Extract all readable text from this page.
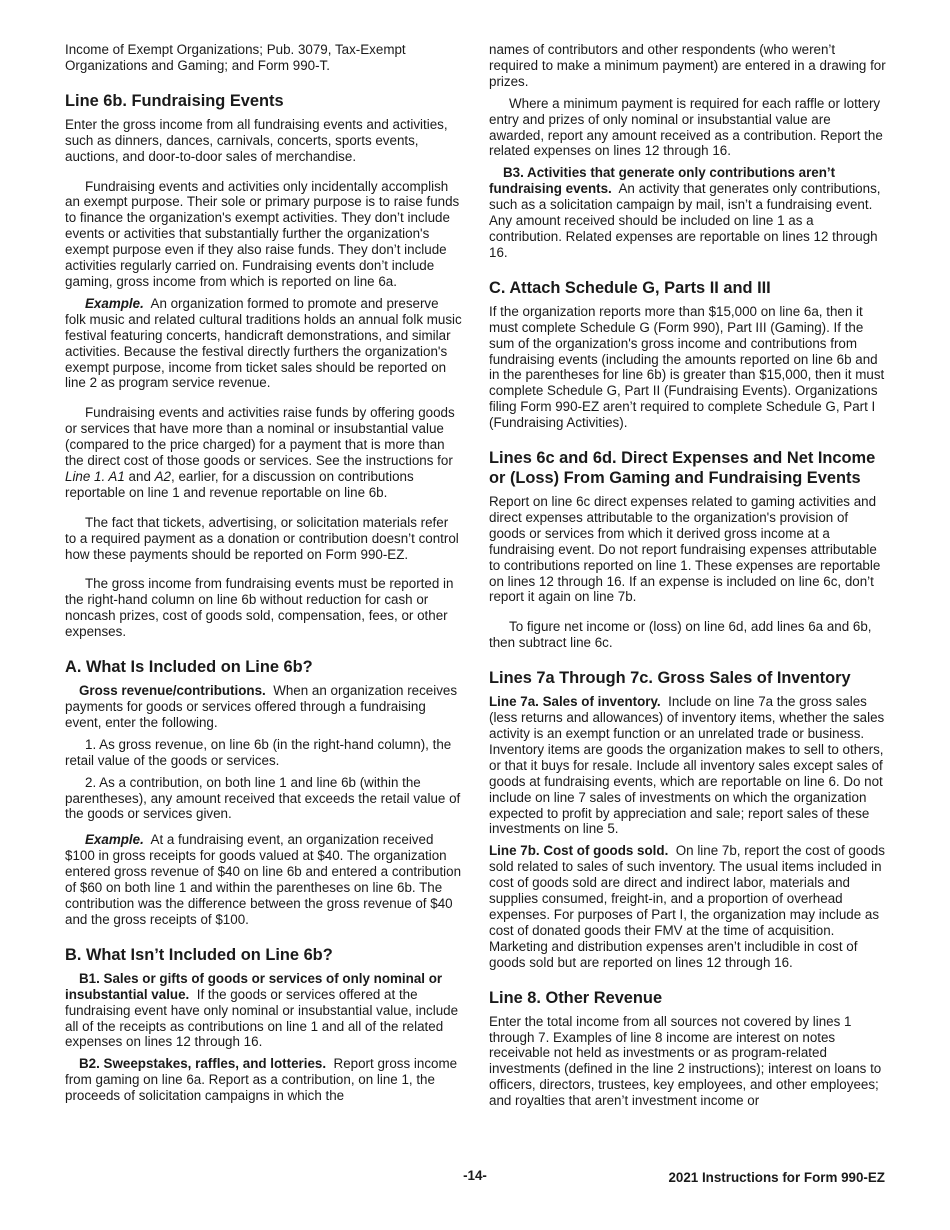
Income of Exempt Organizations; Pub. 3079, Tax-Exempt Organizations and Gaming; and Form 990-T.

Line 6b. Fundraising Events

Enter the gross income from all fundraising events and activities, such as dinners, dances, carnivals, concerts, sports events, auctions, and door-to-door sales of merchandise.

Fundraising events and activities only incidentally accomplish an exempt purpose. Their sole or primary purpose is to raise funds to finance the organization's exempt activities. They don’t include events or activities that substantially further the organization's exempt purpose even if they also raise funds. They don’t include activities regularly carried on. Fundraising events don’t include gaming, gross income from which is reported on line 6a.

Example. An organization formed to promote and preserve folk music and related cultural traditions holds an annual folk music festival featuring concerts, handicraft demonstrations, and similar activities. Because the festival directly furthers the organization's exempt purpose, income from ticket sales should be reported on line 2 as program service revenue.

Fundraising events and activities raise funds by offering goods or services that have more than a nominal or insubstantial value (compared to the price charged) for a payment that is more than the direct cost of those goods or services. See the instructions for Line 1. A1 and A2, earlier, for a discussion on contributions reportable on line 1 and revenue reportable on line 6b.

The fact that tickets, advertising, or solicitation materials refer to a required payment as a donation or contribution doesn’t control how these payments should be reported on Form 990-EZ.

The gross income from fundraising events must be reported in the right-hand column on line 6b without reduction for cash or noncash prizes, cost of goods sold, compensation, fees, or other expenses.

A. What Is Included on Line 6b?

Gross revenue/contributions. When an organization receives payments for goods or services offered through a fundraising event, enter the following.

1. As gross revenue, on line 6b (in the right-hand column), the retail value of the goods or services.

2. As a contribution, on both line 1 and line 6b (within the parentheses), any amount received that exceeds the retail value of the goods or services given.

Example. At a fundraising event, an organization received $100 in gross receipts for goods valued at $40. The organization entered gross revenue of $40 on line 6b and entered a contribution of $60 on both line 1 and within the parentheses on line 6b. The contribution was the difference between the gross revenue of $40 and the gross receipts of $100.

B. What Isn’t Included on Line 6b?

B1. Sales or gifts of goods or services of only nominal or insubstantial value. If the goods or services offered at the fundraising event have only nominal or insubstantial value, include all of the receipts as contributions on line 1 and all of the related expenses on lines 12 through 16.

B2. Sweepstakes, raffles, and lotteries. Report gross income from gaming on line 6a. Report as a contribution, on line 1, the proceeds of solicitation campaigns in which the

names of contributors and other respondents (who weren’t required to make a minimum payment) are entered in a drawing for prizes.

Where a minimum payment is required for each raffle or lottery entry and prizes of only nominal or insubstantial value are awarded, report any amount received as a contribution. Report the related expenses on lines 12 through 16.

B3. Activities that generate only contributions aren’t fundraising events. An activity that generates only contributions, such as a solicitation campaign by mail, isn’t a fundraising event. Any amount received should be included on line 1 as a contribution. Related expenses are reportable on lines 12 through 16.

C. Attach Schedule G, Parts II and III

If the organization reports more than $15,000 on line 6a, then it must complete Schedule G (Form 990), Part III (Gaming). If the sum of the organization's gross income and contributions from fundraising events (including the amounts reported on line 6b and in the parentheses for line 6b) is greater than $15,000, then it must complete Schedule G, Part II (Fundraising Events). Organizations filing Form 990-EZ aren’t required to complete Schedule G, Part I (Fundraising Activities).

Lines 6c and 6d. Direct Expenses and Net Income or (Loss) From Gaming and Fundraising Events

Report on line 6c direct expenses related to gaming activities and direct expenses attributable to the organization's provision of goods or services from which it derived gross income at a fundraising event. Do not report fundraising expenses attributable to contributions reported on line 1. These expenses are reportable on lines 12 through 16. If an expense is included on line 6c, don’t report it again on line 7b.

To figure net income or (loss) on line 6d, add lines 6a and 6b, then subtract line 6c.

Lines 7a Through 7c. Gross Sales of Inventory

Line 7a. Sales of inventory. Include on line 7a the gross sales (less returns and allowances) of inventory items, whether the sales activity is an exempt function or an unrelated trade or business. Inventory items are goods the organization makes to sell to others, or that it buys for resale. Include all inventory sales except sales of goods at fundraising events, which are reportable on line 6. Do not include on line 7 sales of investments on which the organization expected to profit by appreciation and sale; report sales of these investments on line 5.

Line 7b. Cost of goods sold. On line 7b, report the cost of goods sold related to sales of such inventory. The usual items included in cost of goods sold are direct and indirect labor, materials and supplies consumed, freight-in, and a proportion of overhead expenses. For purposes of Part I, the organization may include as cost of donated goods their FMV at the time of acquisition. Marketing and distribution expenses aren’t includible in cost of goods sold but are reported on lines 12 through 16.

Line 8. Other Revenue

Enter the total income from all sources not covered by lines 1 through 7. Examples of line 8 income are interest on notes receivable not held as investments or as program-related investments (defined in the line 2 instructions); interest on loans to officers, directors, trustees, key employees, and other employees; and royalties that aren’t investment income or

-14-	2021 Instructions for Form 990-EZ
